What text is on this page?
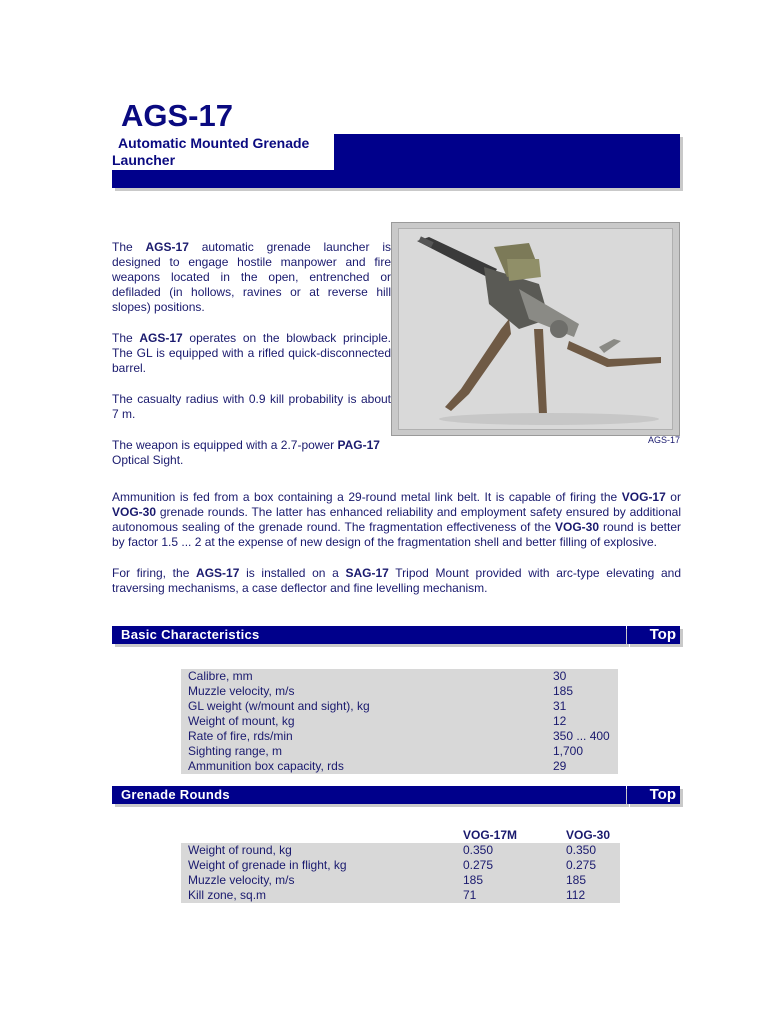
AGS-17
Automatic Mounted Grenade
Launcher

The AGS-17 automatic grenade launcher is designed to engage hostile manpower and fire weapons located in the open, entrenched or defiladed (in hollows, ravines or at reverse hill slopes) positions.

The AGS-17 operates on the blowback principle. The GL is equipped with a rifled quick-disconnected barrel.

The casualty radius with 0.9 kill probability is about 7 m.

The weapon is equipped with a 2.7-power PAG-17 Optical Sight.

AGS-17

Ammunition is fed from a box containing a 29-round metal link belt. It is capable of firing the VOG-17 or VOG-30 grenade rounds. The latter has enhanced reliability and employment safety ensured by additional autonomous sealing of the grenade round. The fragmentation effectiveness of the VOG-30 round is better by factor 1.5 ... 2 at the expense of new design of the fragmentation shell and better filling of explosive.

For firing, the AGS-17 is installed on a SAG-17 Tripod Mount provided with arc-type elevating and traversing mechanisms, a case deflector and fine levelling mechanism.

Basic Characteristics	Top
Calibre, mm	30
Muzzle velocity, m/s	185
GL weight (w/mount and sight), kg	31
Weight of mount, kg	12
Rate of fire, rds/min	350 ... 400
Sighting range, m	1,700
Ammunition box capacity, rds	29
Grenade Rounds	Top
	VOG-17M	VOG-30
Weight of round, kg	0.350	0.350
Weight of grenade in flight, kg	0.275	0.275
Muzzle velocity, m/s	185	185
Kill zone, sq.m	71	112
